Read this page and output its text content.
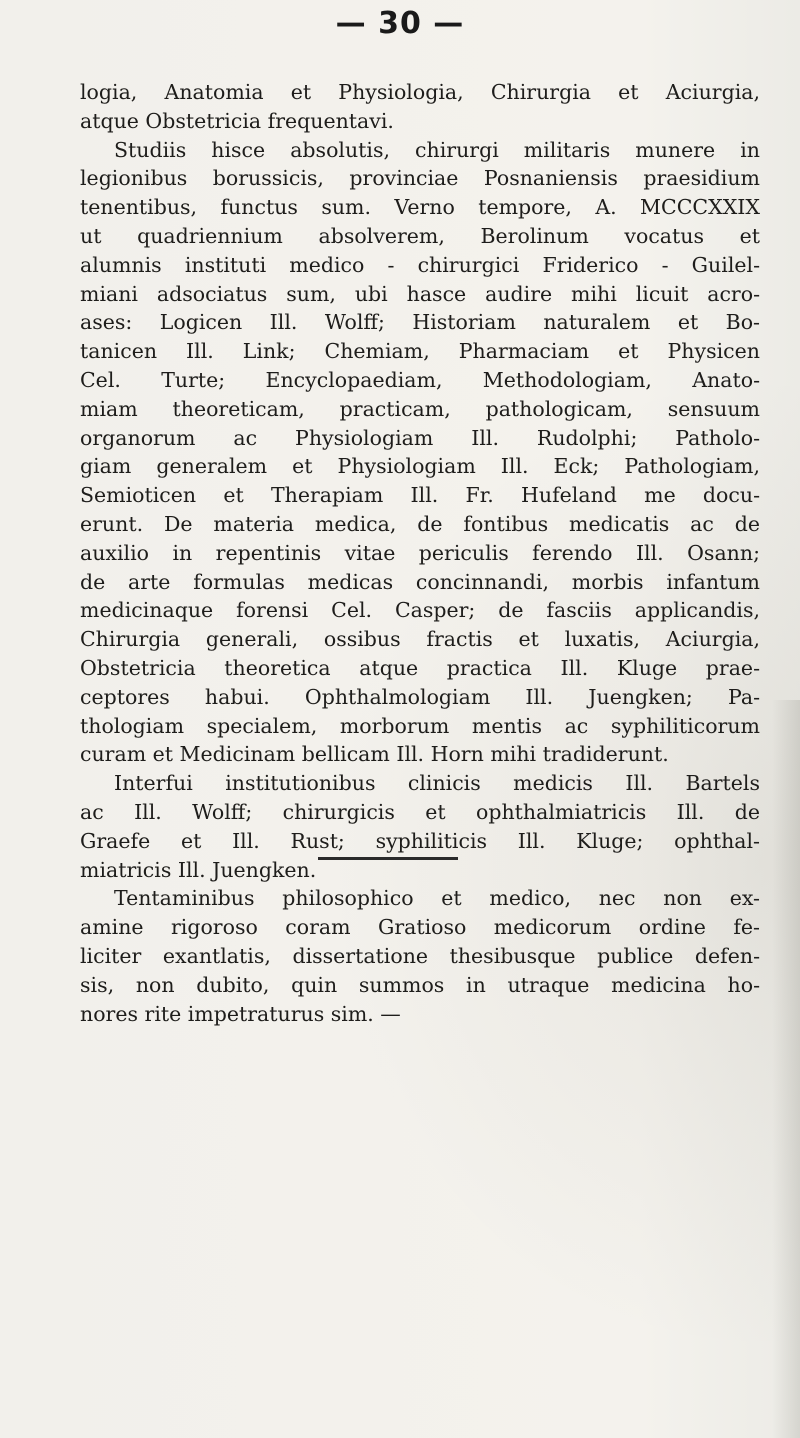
— 30 —
logia, Anatomia et Physiologia, Chirurgia et Aciurgia,
atque Obstetricia frequentavi.
Studiis hisce absolutis, chirurgi militaris munere in
legionibus borussicis, provinciae Posnaniensis praesidium
tenentibus, functus sum. Verno tempore, A. MCCCXXIX
ut quadriennium absolverem, Berolinum vocatus et
alumnis instituti medico - chirurgici Friderico - Guilel-
miani adsociatus sum, ubi hasce audire mihi licuit acro-
ases: Logicen Ill. Wolff; Historiam naturalem et Bo-
tanicen Ill. Link; Chemiam, Pharmaciam et Physicen
Cel. Turte; Encyclopaediam, Methodologiam, Anato-
miam theoreticam, practicam, pathologicam, sensuum
organorum ac Physiologiam Ill. Rudolphi; Patholo-
giam generalem et Physiologiam Ill. Eck; Pathologiam,
Semioticen et Therapiam Ill. Fr. Hufeland me docu-
erunt. De materia medica, de fontibus medicatis ac de
auxilio in repentinis vitae periculis ferendo Ill. Osann;
de arte formulas medicas concinnandi, morbis infantum
medicinaque forensi Cel. Casper; de fasciis applicandis,
Chirurgia generali, ossibus fractis et luxatis, Aciurgia,
Obstetricia theoretica atque practica Ill. Kluge prae-
ceptores habui. Ophthalmologiam Ill. Juengken; Pa-
thologiam specialem, morborum mentis ac syphiliticorum
curam et Medicinam bellicam Ill. Horn mihi tradiderunt.
Interfui institutionibus clinicis medicis Ill. Bartels
ac Ill. Wolff; chirurgicis et ophthalmiatricis Ill. de
Graefe et Ill. Rust; syphiliticis Ill. Kluge; ophthal-
miatricis Ill. Juengken.
Tentaminibus philosophico et medico, nec non ex-
amine rigoroso coram Gratioso medicorum ordine fe-
liciter exantlatis, dissertatione thesibusque publice defen-
sis, non dubito, quin summos in utraque medicina ho-
nores rite impetraturus sim. —
